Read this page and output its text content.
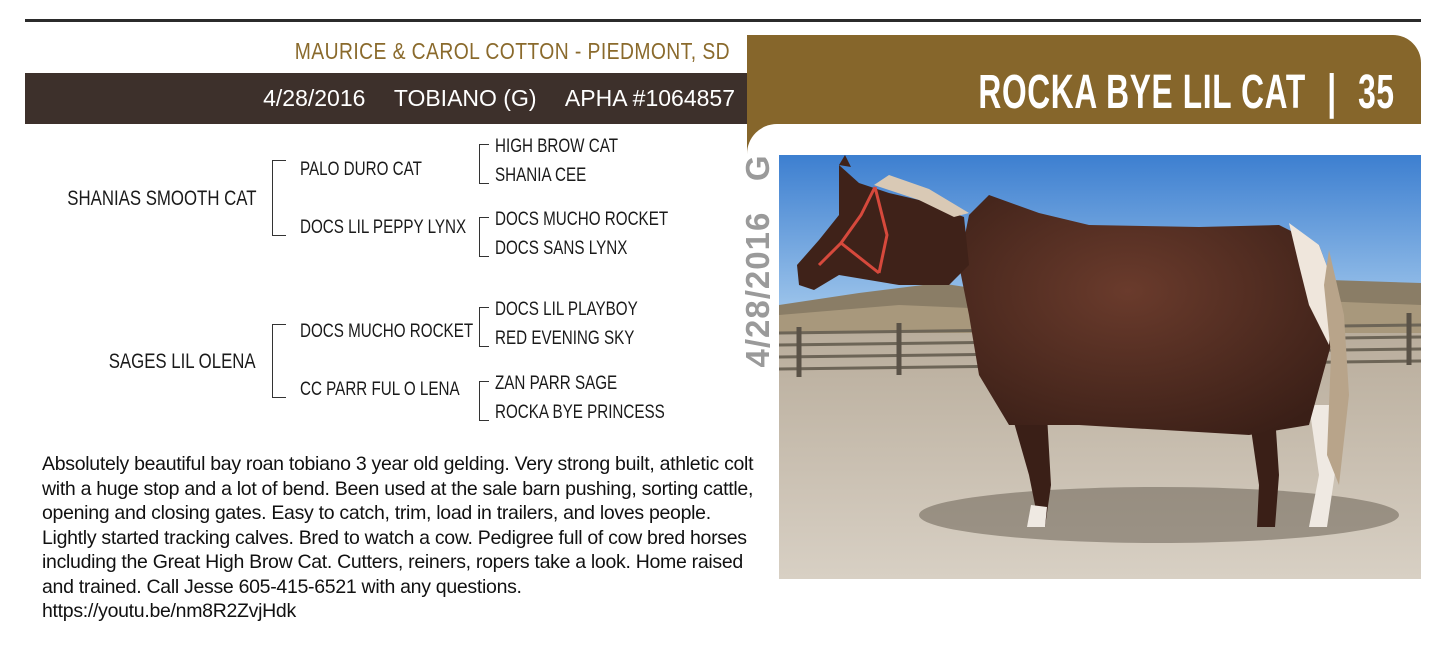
MAURICE & CAROL COTTON - PIEDMONT, SD
4/28/2016 TOBIANO (G) APHA #1064857	ROCKA BYE LIL CAT | 35
4/28/2016   G
SHANIAS SMOOTH CAT
PALO DURO CAT
DOCS LIL PEPPY LYNX
HIGH BROW CAT
SHANIA CEE
DOCS MUCHO ROCKET
DOCS SANS LYNX
SAGES LIL OLENA
DOCS MUCHO ROCKET
CC PARR FUL O LENA
DOCS LIL PLAYBOY
RED EVENING SKY
ZAN PARR SAGE
ROCKA BYE PRINCESS
Absolutely beautiful bay roan tobiano 3 year old gelding. Very strong built, athletic colt with a huge stop and a lot of bend. Been used at the sale barn pushing, sorting cattle, opening and closing gates. Easy to catch, trim, load in trailers, and loves people. Lightly started tracking calves. Bred to watch a cow. Pedigree full of cow bred horses including the Great High Brow Cat. Cutters, reiners, ropers take a look. Home raised and trained. Call Jesse 605-415-6521 with any questions. https://youtu.be/nm8R2ZvjHdk
